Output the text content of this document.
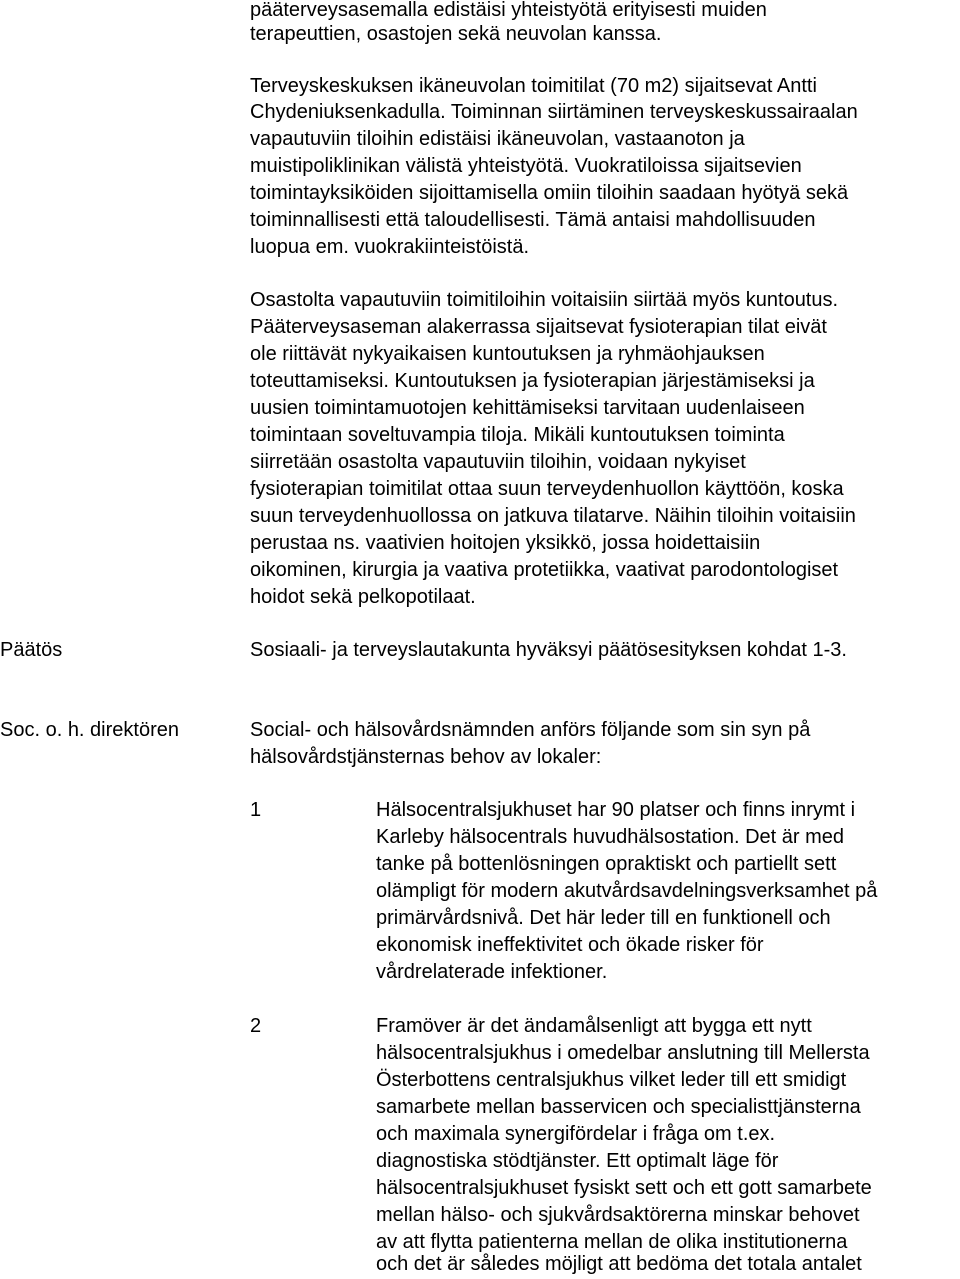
pääterveysasemalla edistäisi yhteistyötä erityisesti muiden
terapeuttien, osastojen sekä neuvolan kanssa.
Terveyskeskuksen ikäneuvolan toimitilat (70 m2) sijaitsevat Antti
Chydeniuksenkadulla. Toiminnan siirtäminen terveyskeskussairaalan
vapautuviin tiloihin edistäisi ikäneuvolan, vastaanoton ja
muistipoliklinikan välistä yhteistyötä. Vuokratiloissa sijaitsevien
toimintayksiköiden sijoittamisella omiin tiloihin saadaan hyötyä sekä
toiminnallisesti että taloudellisesti. Tämä antaisi mahdollisuuden
luopua em. vuokrakiinteistöistä.
Osastolta vapautuviin toimitiloihin voitaisiin siirtää myös kuntoutus.
Pääterveysaseman alakerrassa sijaitsevat fysioterapian tilat eivät
ole riittävät nykyaikaisen kuntoutuksen ja ryhmäohjauksen
toteuttamiseksi. Kuntoutuksen ja fysioterapian järjestämiseksi ja
uusien toimintamuotojen kehittämiseksi tarvitaan uudenlaiseen
toimintaan soveltuvampia tiloja. Mikäli kuntoutuksen toiminta
siirretään osastolta vapautuviin tiloihin, voidaan nykyiset
fysioterapian toimitilat ottaa suun terveydenhuollon käyttöön, koska
suun terveydenhuollossa on jatkuva tilatarve. Näihin tiloihin voitaisiin
perustaa ns. vaativien hoitojen yksikkö, jossa hoidettaisiin
oikominen, kirurgia ja vaativa protetiikka, vaativat parodontologiset
hoidot sekä pelkopotilaat.
Päätös	Sosiaali- ja terveyslautakunta hyväksyi päätösesityksen kohdat 1-3.
Soc. o. h. direktören	Social- och hälsovårdsnämnden anförs följande som sin syn på
hälsovårdstjänsternas behov av lokaler:
1	Hälsocentralsjukhuset har 90 platser och finns inrymt i
Karleby hälsocentrals huvudhälsostation. Det är med
tanke på bottenlösningen opraktiskt och partiellt sett
olämpligt för modern akutvårdsavdelningsverksamhet på
primärvårdsnivå. Det här leder till en funktionell och
ekonomisk ineffektivitet och ökade risker för
vårdrelaterade infektioner.
2	Framöver är det ändamålsenligt att bygga ett nytt
hälsocentralsjukhus i omedelbar anslutning till Mellersta
Österbottens centralsjukhus vilket leder till ett smidigt
samarbete mellan basservicen och specialisttjänsterna
och maximala synergifördelar i fråga om t.ex.
diagnostiska stödtjänster. Ett optimalt läge för
hälsocentralsjukhuset fysiskt sett och ett gott samarbete
mellan hälso- och sjukvårdsaktörerna minskar behovet
av att flytta patienterna mellan de olika institutionerna
och det är således möjligt att bedöma det totala antalet
